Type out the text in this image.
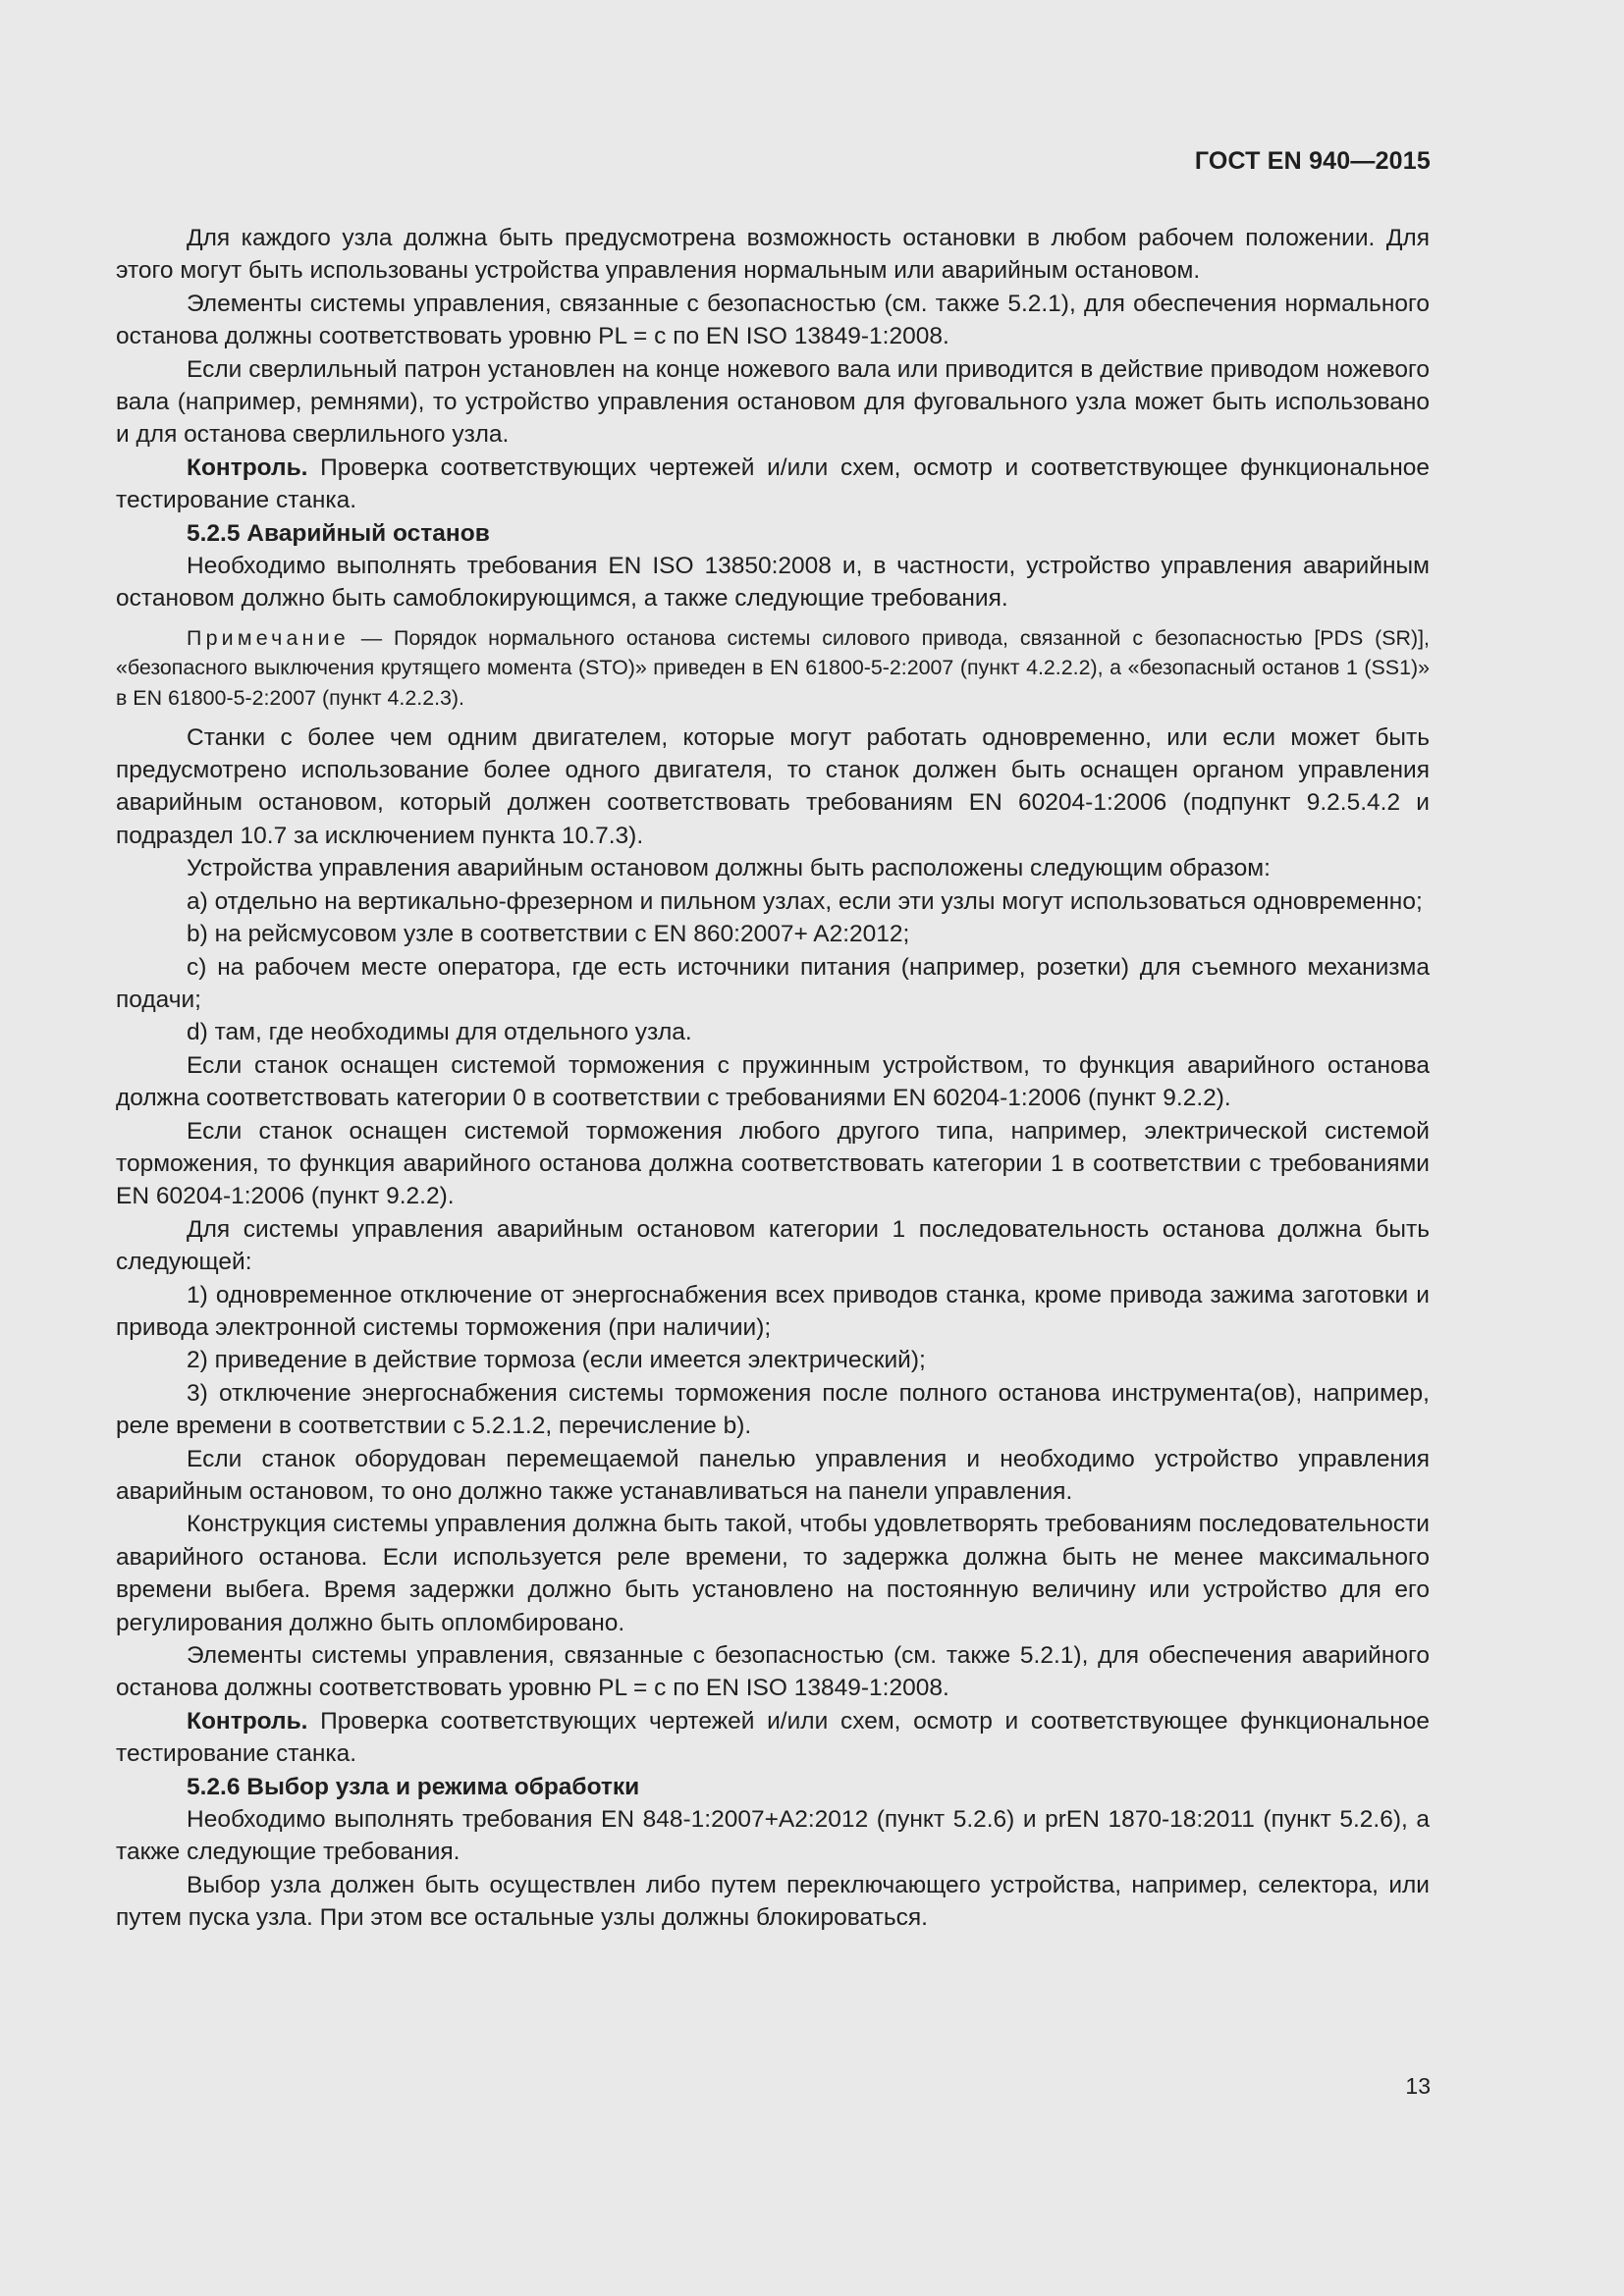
ГОСТ EN 940—2015

Для каждого узла должна быть предусмотрена возможность остановки в любом рабочем положении. Для этого могут быть использованы устройства управления нормальным или аварийным остановом.

Элементы системы управления, связанные с безопасностью (см. также 5.2.1), для обеспечения нормального останова должны соответствовать уровню PL = c по EN ISO 13849-1:2008.

Если сверлильный патрон установлен на конце ножевого вала или приводится в действие приводом ножевого вала (например, ремнями), то устройство управления остановом для фуговального узла может быть использовано и для останова сверлильного узла.

Контроль. Проверка соответствующих чертежей и/или схем, осмотр и соответствующее функциональное тестирование станка.

5.2.5 Аварийный останов

Необходимо выполнять требования EN ISO 13850:2008 и, в частности, устройство управления аварийным остановом должно быть самоблокирующимся, а также следующие требования.

Примечание — Порядок нормального останова системы силового привода, связанной с безопасностью [PDS (SR)], «безопасного выключения крутящего момента (STO)» приведен в EN 61800-5-2:2007 (пункт 4.2.2.2), а «безопасный останов 1 (SS1)» в EN 61800-5-2:2007 (пункт 4.2.2.3).

Станки с более чем одним двигателем, которые могут работать одновременно, или если может быть предусмотрено использование более одного двигателя, то станок должен быть оснащен органом управления аварийным остановом, который должен соответствовать требованиям EN 60204-1:2006 (подпункт 9.2.5.4.2 и подраздел 10.7 за исключением пункта 10.7.3).

Устройства управления аварийным остановом должны быть расположены следующим образом:

a) отдельно на вертикально-фрезерном и пильном узлах, если эти узлы могут использоваться одновременно;

b) на рейсмусовом узле в соответствии с EN 860:2007+ A2:2012;

c) на рабочем месте оператора, где есть источники питания (например, розетки) для съемного механизма подачи;

d) там, где необходимы для отдельного узла.

Если станок оснащен системой торможения с пружинным устройством, то функция аварийного останова должна соответствовать категории 0 в соответствии с требованиями EN 60204-1:2006 (пункт 9.2.2).

Если станок оснащен системой торможения любого другого типа, например, электрической системой торможения, то функция аварийного останова должна соответствовать категории 1 в соответствии с требованиями EN 60204-1:2006 (пункт 9.2.2).

Для системы управления аварийным остановом категории 1 последовательность останова должна быть следующей:

1) одновременное отключение от энергоснабжения всех приводов станка, кроме привода зажима заготовки и привода электронной системы торможения (при наличии);

2) приведение в действие тормоза (если имеется электрический);

3) отключение энергоснабжения системы торможения после полного останова инструмента(ов), например, реле времени в соответствии с 5.2.1.2, перечисление b).

Если станок оборудован перемещаемой панелью управления и необходимо устройство управления аварийным остановом, то оно должно также устанавливаться на панели управления.

Конструкция системы управления должна быть такой, чтобы удовлетворять требованиям последовательности аварийного останова. Если используется реле времени, то задержка должна быть не менее максимального времени выбега. Время задержки должно быть установлено на постоянную величину или устройство для его регулирования должно быть опломбировано.

Элементы системы управления, связанные с безопасностью (см. также 5.2.1), для обеспечения аварийного останова должны соответствовать уровню PL = c по EN ISO 13849-1:2008.

Контроль. Проверка соответствующих чертежей и/или схем, осмотр и соответствующее функциональное тестирование станка.

5.2.6 Выбор узла и режима обработки

Необходимо выполнять требования EN 848-1:2007+A2:2012 (пункт 5.2.6) и prEN 1870-18:2011 (пункт 5.2.6), а также следующие требования.

Выбор узла должен быть осуществлен либо путем переключающего устройства, например, селектора, или путем пуска узла. При этом все остальные узлы должны блокироваться.

13
